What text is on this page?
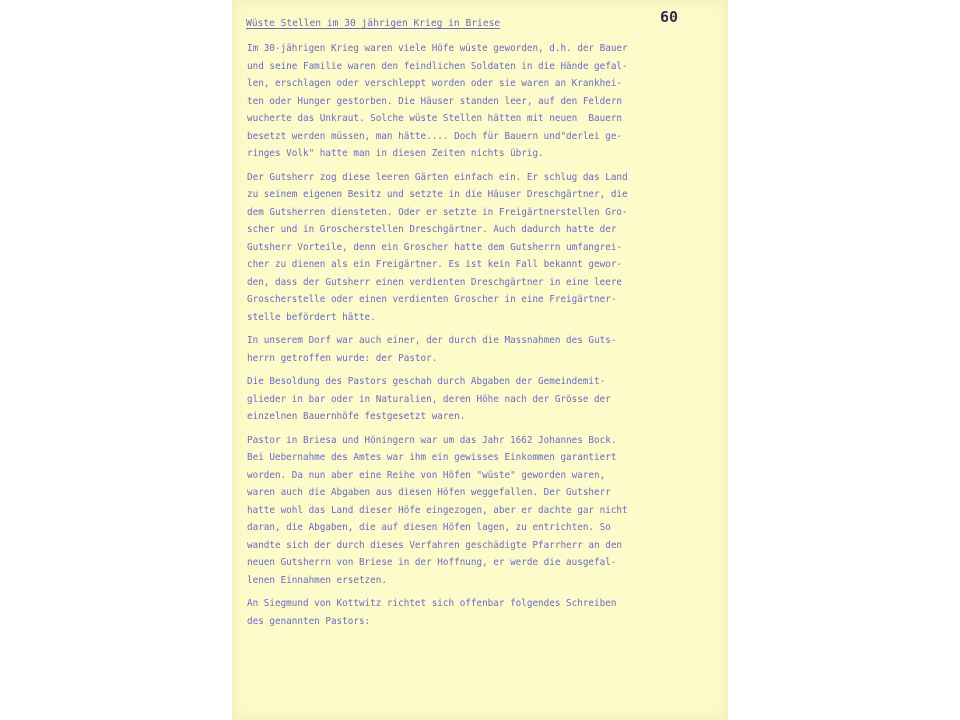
Wüste Stellen im 30 jährigen Krieg in Briese	60
Im 30-jährigen Krieg waren viele Höfe wüste geworden, d.h. der Bauer
und seine Familie waren den feindlichen Soldaten in die Hände gefal-
len, erschlagen oder verschleppt worden oder sie waren an Krankhei-
ten oder Hunger gestorben. Die Häuser standen leer, auf den Feldern
wucherte das Unkraut. Solche wüste Stellen hätten mit neuen  Bauern
besetzt werden müssen, man hätte.... Doch für Bauern und"derlei ge-
ringes Volk" hatte man in diesen Zeiten nichts übrig.
Der Gutsherr zog diese leeren Gärten einfach ein. Er schlug das Land
zu seinem eigenen Besitz und setzte in die Häuser Dreschgärtner, die
dem Gutsherren diensteten. Oder er setzte in Freigärtnerstellen Gro-
scher und in Groscherstellen Dreschgärtner. Auch dadurch hatte der
Gutsherr Vorteile, denn ein Groscher hatte dem Gutsherrn umfangrei-
cher zu dienen als ein Freigärtner. Es ist kein Fall bekannt gewor-
den, dass der Gutsherr einen verdienten Dreschgärtner in eine leere
Groscherstelle oder einen verdienten Groscher in eine Freigärtner-
stelle befördert hätte.
In unserem Dorf war auch einer, der durch die Massnahmen des Guts-
herrn getroffen wurde: der Pastor.
Die Besoldung des Pastors geschah durch Abgaben der Gemeindemit-
glieder in bar oder in Naturalien, deren Höhe nach der Grösse der
einzelnen Bauernhöfe festgesetzt waren.
Pastor in Briesa und Höningern war um das Jahr 1662 Johannes Bock.
Bei Uebernahme des Amtes war ihm ein gewisses Einkommen garantiert
worden. Da nun aber eine Reihe von Höfen "wüste" geworden waren,
waren auch die Abgaben aus diesen Höfen weggefallen. Der Gutsherr
hatte wohl das Land dieser Höfe eingezogen, aber er dachte gar nicht
daran, die Abgaben, die auf diesen Höfen lagen, zu entrichten. So
wandte sich der durch dieses Verfahren geschädigte Pfarrherr an den
neuen Gutsherrn von Briese in der Hoffnung, er werde die ausgefal-
lenen Einnahmen ersetzen.
An Siegmund von Kottwitz richtet sich offenbar folgendes Schreiben
des genannten Pastors:
